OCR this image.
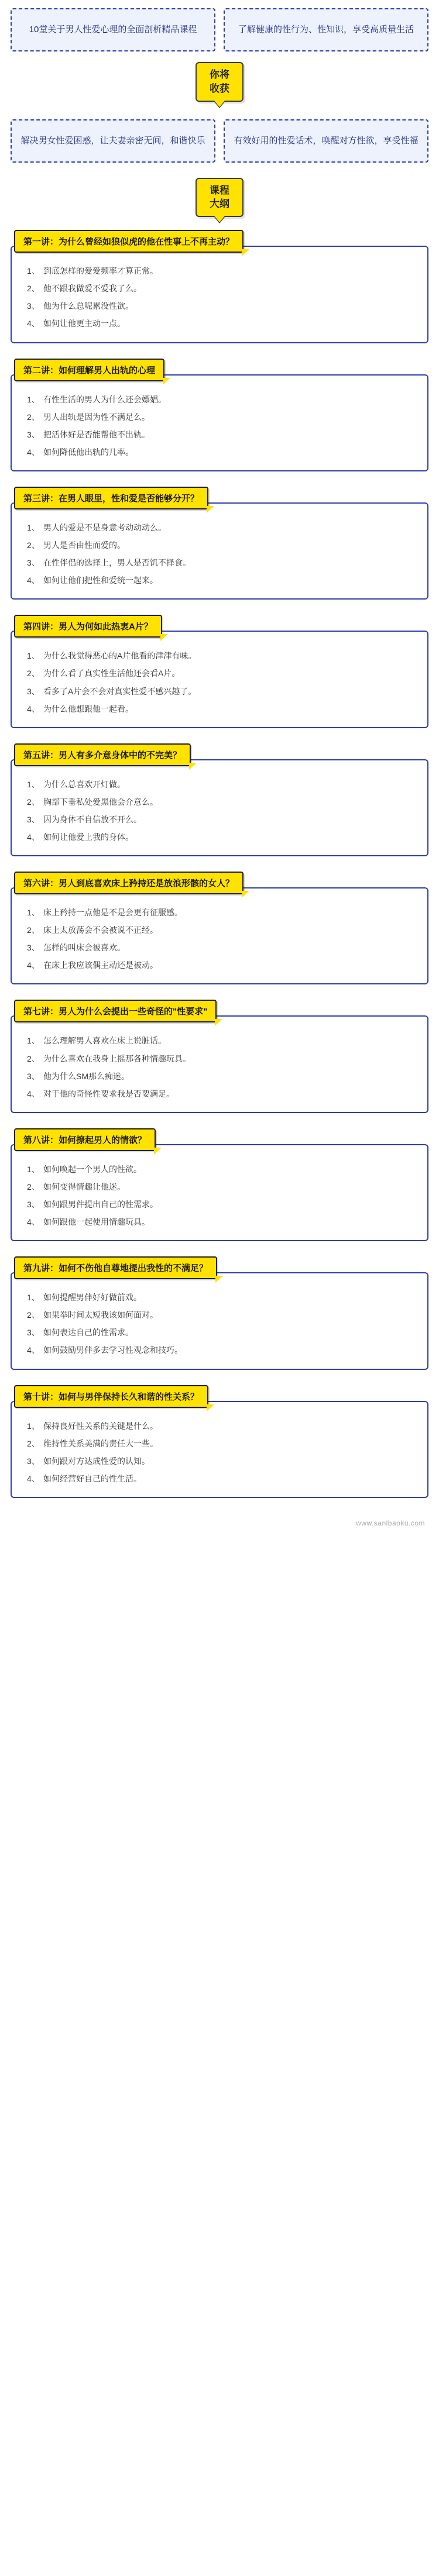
10堂关于男人性爱心理的全面剖析精品课程	了解健康的性行为、性知识，享受高质量生活
你将
收获
解决男女性爱困惑，让夫妻亲密无间，和谐快乐	有效好用的性爱话术，唤醒对方性欲，享受性福
课程
大纲
第一讲：为什么曾经如狼似虎的他在性事上不再主动？
到底怎样的爱爱频率才算正常。
他不跟我做爱不爱我了么。
他为什么总呢累没性欲。
如何让他更主动一点。
第二讲：如何理解男人出轨的心理
有性生活的男人为什么还会嫖娼。
男人出轨是因为性不满足么。
把活体好是否能帮他不出轨。
如何降低他出轨的几率。
第三讲：在男人眼里，性和爱是否能够分开？
男人的爱是不是身意考动动动么。
男人是否由性而爱的。
在性伴侣的选择上，男人是否饥不择食。
如何让他们把性和爱统一起来。
第四讲：男人为何如此热衷A片？
为什么我觉得恶心的A片他看的津津有味。
为什么看了真实性生活他还会看A片。
看多了A片会不会对真实性爱不感兴趣了。
为什么他想跟他一起看。
第五讲：男人有多介意身体中的不完美？
为什么总喜欢开灯做。
胸部下垂私处爱黑他会介意么。
因为身体不自信放不开么。
如何让他爱上我的身体。
第六讲：男人到底喜欢床上矜持还是放浪形骸的女人？
床上矜持一点他是不是会更有征服感。
床上太放荡会不会被说不正经。
怎样的叫床会被喜欢。
在床上我应该偶主动还是被动。
第七讲：男人为什么会提出一些奇怪的"性要求"
怎么理解男人喜欢在床上说脏话。
为什么喜欢在我身上摇那各种情趣玩具。
他为什么SM那么痴迷。
对于他的奇怪性要求我是否要满足。
第八讲：如何撩起男人的情欲？
如何唤起一个男人的性欲。
如何变得情趣让他迷。
如何跟男件提出自己的性需求。
如何跟他一起使用情趣玩具。
第九讲：如何不伤他自尊地提出我性的不满足？
如何提醒男伴好好做前戏。
如果举时间太短我该如何面对。
如何表达自己的性需求。
如何鼓励男伴多去学习性观念和技巧。
第十讲：如何与男伴保持长久和谐的性关系？
保持良好性关系的关键是什么。
维持性关系美满的责任大一些。
如何跟对方达成性爱的认知。
如何经营好自己的性生活。
www.sanlbaoku.com
